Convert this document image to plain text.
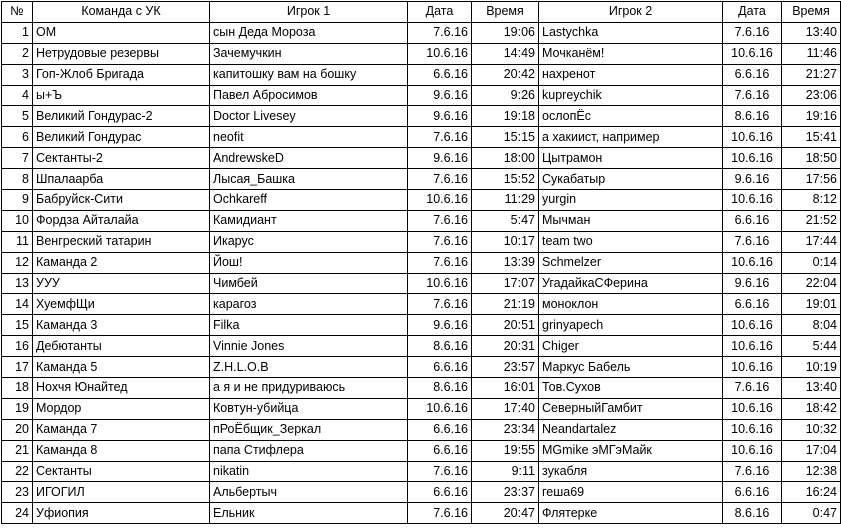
№	Команда с УК	Игрок 1	Дата	Время	Игрок 2	Дата	Время
1	ОМ	сын Деда Мороза	7.6.16	19:06	Lastychka	7.6.16	13:40
2	Нетрудовые резервы	Зачемучкин	10.6.16	14:49	Мочканём!	10.6.16	11:46
3	Гоп-Жлоб Бригада	капитошку вам на бошку	6.6.16	20:42	нахренот	6.6.16	21:27
4	ы+Ъ	Павел Абросимов	9.6.16	9:26	kupreychik	7.6.16	23:06
5	Великий Гондурас-2	Doctor Livesey	9.6.16	19:18	ослопЁс	8.6.16	19:16
6	Великий Гондурас	neofit	7.6.16	15:15	а хакиист, например	10.6.16	15:41
7	Сектанты-2	AndrewskeD	9.6.16	18:00	Цытрамон	10.6.16	18:50
8	Шпалаарба	Лысая_Башка	7.6.16	15:52	Сукабатыр	9.6.16	17:56
9	Бабруйск-Сити	Ochkareff	10.6.16	11:29	yurgin	10.6.16	8:12
10	Фордза Айталайа	Камидиант	7.6.16	5:47	Мычман	6.6.16	21:52
11	Венгреский татарин	Икарус	7.6.16	10:17	team two	7.6.16	17:44
12	Каманда 2	Йош!	7.6.16	13:39	Schmelzer	10.6.16	0:14
13	УУУ	Чимбей	10.6.16	17:07	УгадайкаСФерина	9.6.16	22:04
14	ХуемфЩи	карагоз	7.6.16	21:19	моноклон	6.6.16	19:01
15	Каманда 3	Filka	9.6.16	20:51	grinyapech	10.6.16	8:04
16	Дебютанты	Vinnie Jones	8.6.16	20:31	Chiger	10.6.16	5:44
17	Каманда 5	Z.H.L.O.B	6.6.16	23:57	Маркус Бабель	10.6.16	10:19
18	Нохчя Юнайтед	а я и не придуриваюсь	8.6.16	16:01	Тов.Сухов	7.6.16	13:40
19	Мордор	Ковтун-убийца	10.6.16	17:40	СеверныйГамбит	10.6.16	18:42
20	Каманда 7	пРоЁбщик_Зеркал	6.6.16	23:34	Neandartalez	10.6.16	10:32
21	Каманда 8	папа Стифлера	6.6.16	19:55	MGmike эМГэМайк	10.6.16	17:04
22	Сектанты	nikatin	7.6.16	9:11	зукабля	7.6.16	12:38
23	ИГОГИЛ	Альбертыч	6.6.16	23:37	геша69	6.6.16	16:24
24	Уфиопия	Ельник	7.6.16	20:47	Флятерке	8.6.16	0:47
